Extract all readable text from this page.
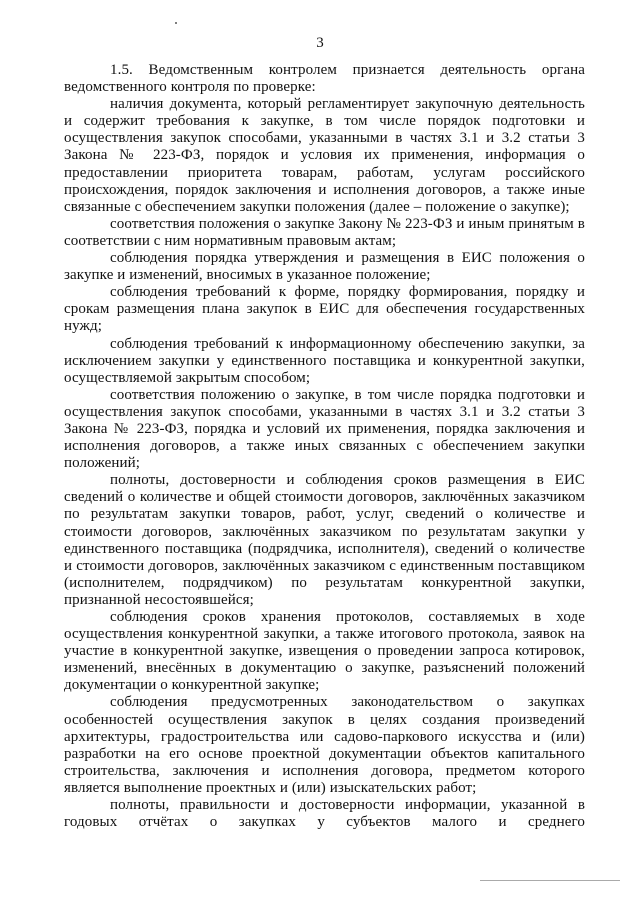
3

1.5. Ведомственным контролем признается деятельность органа ведомственного контроля по проверке:

наличия документа, который регламентирует закупочную деятельность и содержит требования к закупке, в том числе порядок подготовки и осуществления закупок способами, указанными в частях 3.1 и 3.2 статьи 3 Закона № 223-ФЗ, порядок и условия их применения, информация о предоставлении приоритета товарам, работам, услугам российского происхождения, порядок заключения и исполнения договоров, а также иные связанные с обеспечением закупки положения (далее – положение о закупке);

соответствия положения о закупке Закону № 223-ФЗ и иным принятым в соответствии с ним нормативным правовым актам;

соблюдения порядка утверждения и размещения в ЕИС положения о закупке и изменений, вносимых в указанное положение;

соблюдения требований к форме, порядку формирования, порядку и срокам размещения плана закупок в ЕИС для обеспечения государственных нужд;

соблюдения требований к информационному обеспечению закупки, за исключением закупки у единственного поставщика и конкурентной закупки, осуществляемой закрытым способом;

соответствия положению о закупке, в том числе порядка подготовки и осуществления закупок способами, указанными в частях 3.1 и 3.2 статьи 3 Закона № 223-ФЗ, порядка и условий их применения, порядка заключения и исполнения договоров, а также иных связанных с обеспечением закупки положений;

полноты, достоверности и соблюдения сроков размещения в ЕИС сведений о количестве и общей стоимости договоров, заключённых заказчиком по результатам закупки товаров, работ, услуг, сведений о количестве и стоимости договоров, заключённых заказчиком по результатам закупки у единственного поставщика (подрядчика, исполнителя), сведений о количестве и стоимости договоров, заключённых заказчиком с единственным поставщиком (исполнителем, подрядчиком) по результатам конкурентной закупки, признанной несостоявшейся;

соблюдения сроков хранения протоколов, составляемых в ходе осуществления конкурентной закупки, а также итогового протокола, заявок на участие в конкурентной закупке, извещения о проведении запроса котировок, изменений, внесённых в документацию о закупке, разъяснений положений документации о конкурентной закупке;

соблюдения предусмотренных законодательством о закупках особенностей осуществления закупок в целях создания произведений архитектуры, градостроительства или садово-паркового искусства и (или) разработки на его основе проектной документации объектов капитального строительства, заключения и исполнения договора, предметом которого является выполнение проектных и (или) изыскательских работ;

полноты, правильности и достоверности информации, указанной в годовых отчётах о закупках у субъектов малого и среднего
